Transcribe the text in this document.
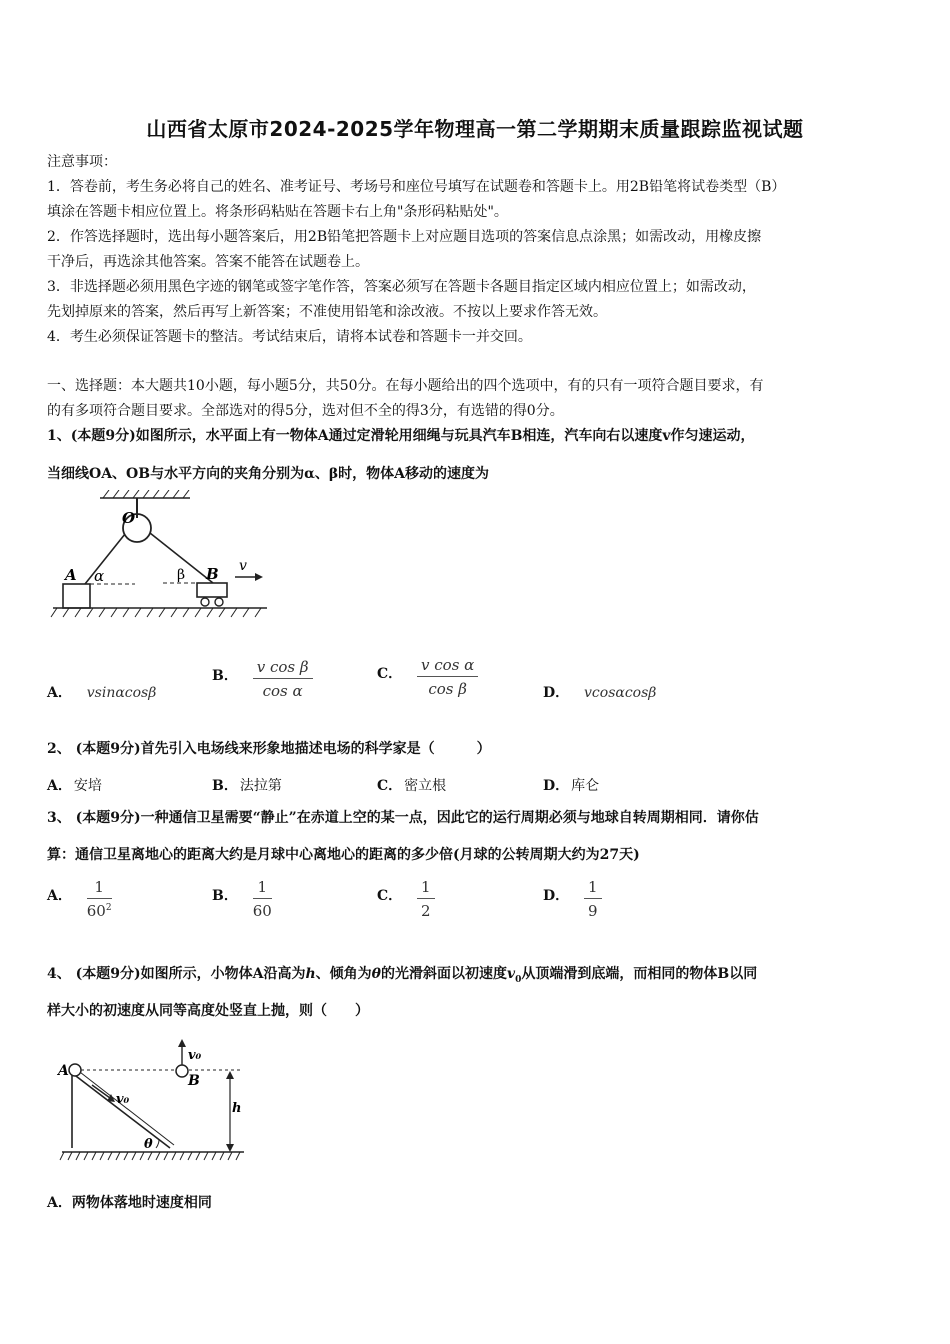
山西省太原市2024-2025学年物理高一第二学期期末质量跟踪监视试题
注意事项：
1．答卷前，考生务必将自己的姓名、准考证号、考场号和座位号填写在试题卷和答题卡上。用2B铅笔将试卷类型（B）
填涂在答题卡相应位置上。将条形码粘贴在答题卡右上角"条形码粘贴处"。
2．作答选择题时，选出每小题答案后，用2B铅笔把答题卡上对应题目选项的答案信息点涂黑；如需改动，用橡皮擦
干净后，再选涂其他答案。答案不能答在试题卷上。
3．非选择题必须用黑色字迹的钢笔或签字笔作答，答案必须写在答题卡各题目指定区域内相应位置上；如需改动，
先划掉原来的答案，然后再写上新答案；不准使用铅笔和涂改液。不按以上要求作答无效。
4．考生必须保证答题卡的整洁。考试结束后，请将本试卷和答题卡一并交回。
一、选择题：本大题共10小题，每小题5分，共50分。在每小题给出的四个选项中，有的只有一项符合题目要求，有
的有多项符合题目要求。全部选对的得5分，选对但不全的得3分，有选错的得0分。
1、(本题9分)如图所示，水平面上有一物体A通过定滑轮用细绳与玩具汽车B相连，汽车向右以速度v作匀速运动，
当细线OA、OB与水平方向的夹角分别为α、β时，物体A移动的速度为
O
A	B
α	β
v
A． vsinαcosβ
B． $\frac{\text{v cos β}}{\text{cos α}}$	C． $\frac{\text{v cos α}}{\text{cos β}}$	D． vcosαcosβ
2、 (本题9分)首先引入电场线来形象地描述电场的科学家是（　　　）
A． 安培	B． 法拉第	C． 密立根	D． 库仑
3、 (本题9分)一种通信卫星需要“静止”在赤道上空的某一点，因此它的运行周期必须与地球自转周期相同．请你估
算：通信卫星离地心的距离大约是月球中心离地心的距离的多少倍(月球的公转周期大约为27天)
A． $\frac{1}{60^2}$	B． $\frac{1}{60}$	C． $\frac{1}{2}$	D． $\frac{1}{9}$
4、 (本题9分)如图所示，小物体A沿高为h、倾角为θ的光滑斜面以初速度$v_0$从顶端滑到底端，而相同的物体B以同
样大小的初速度从同等高度处竖直上抛，则（　　）
A
B
v₀
v₀
h
θ
A．两物体落地时速度相同
